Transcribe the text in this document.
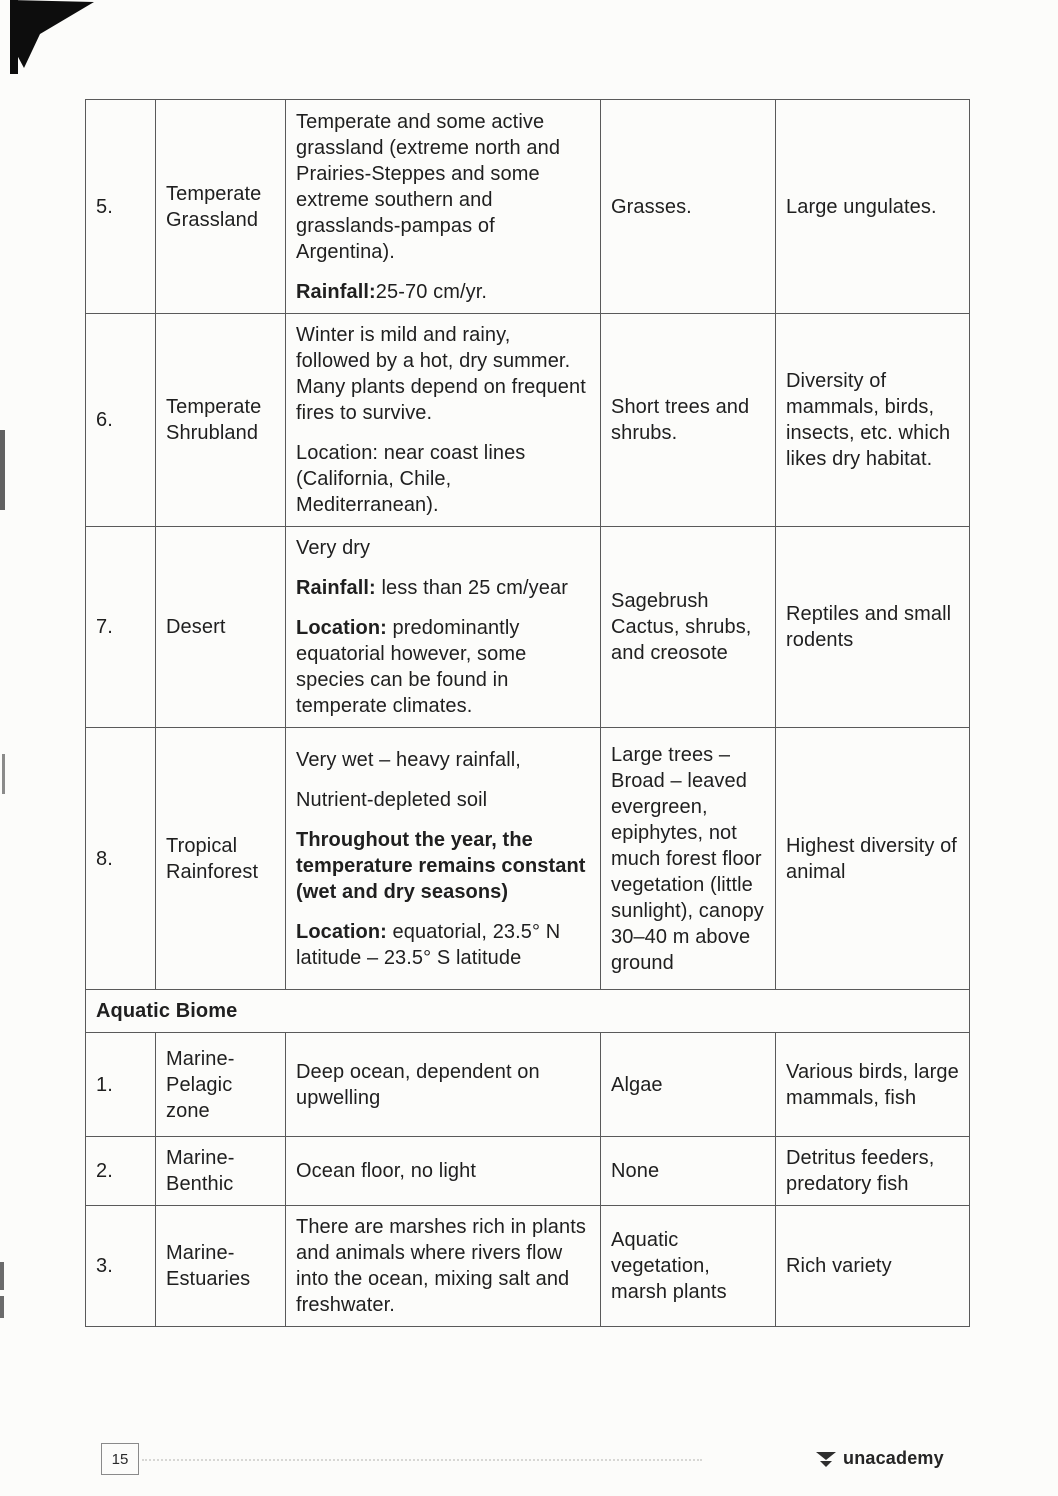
5.	Temperate Grassland	Temperate and some active grassland (extreme north and Prairies-Steppes and some extreme southern and grasslands-pampas of Argentina).

Rainfall:25-70 cm/yr.	Grasses.	Large ungulates.
6.	Temperate Shrubland	Winter is mild and rainy, followed by a hot, dry summer. Many plants depend on frequent fires to survive.

Location: near coast lines (California, Chile, Mediterranean).	Short trees and shrubs.	Diversity of mammals, birds, insects, etc. which likes dry habitat.
7.	Desert	Very dry

Rainfall: less than 25 cm/year

Location: predominantly equatorial however, some species can be found in temperate climates.	Sagebrush Cactus, shrubs, and creosote	Reptiles and small rodents
8.	Tropical Rainforest	Very wet – heavy rainfall,

Nutrient-depleted soil

Throughout the year, the temperature remains constant (wet and dry seasons)

Location: equatorial, 23.5° N latitude – 23.5° S latitude	Large trees – Broad – leaved evergreen, epiphytes, not much forest floor vegetation (little sunlight), canopy 30–40 m above ground	Highest diversity of animal
Aquatic Biome				
1.	Marine-Pelagic zone	Deep ocean, dependent on upwelling	Algae	Various birds, large mammals, fish
2.	Marine-Benthic	Ocean floor, no light	None	Detritus feeders, predatory fish
3.	Marine-Estuaries	There are marshes rich in plants and animals where rivers flow into the ocean, mixing salt and freshwater.	Aquatic vegetation, marsh plants	Rich variety
15	unacademy
